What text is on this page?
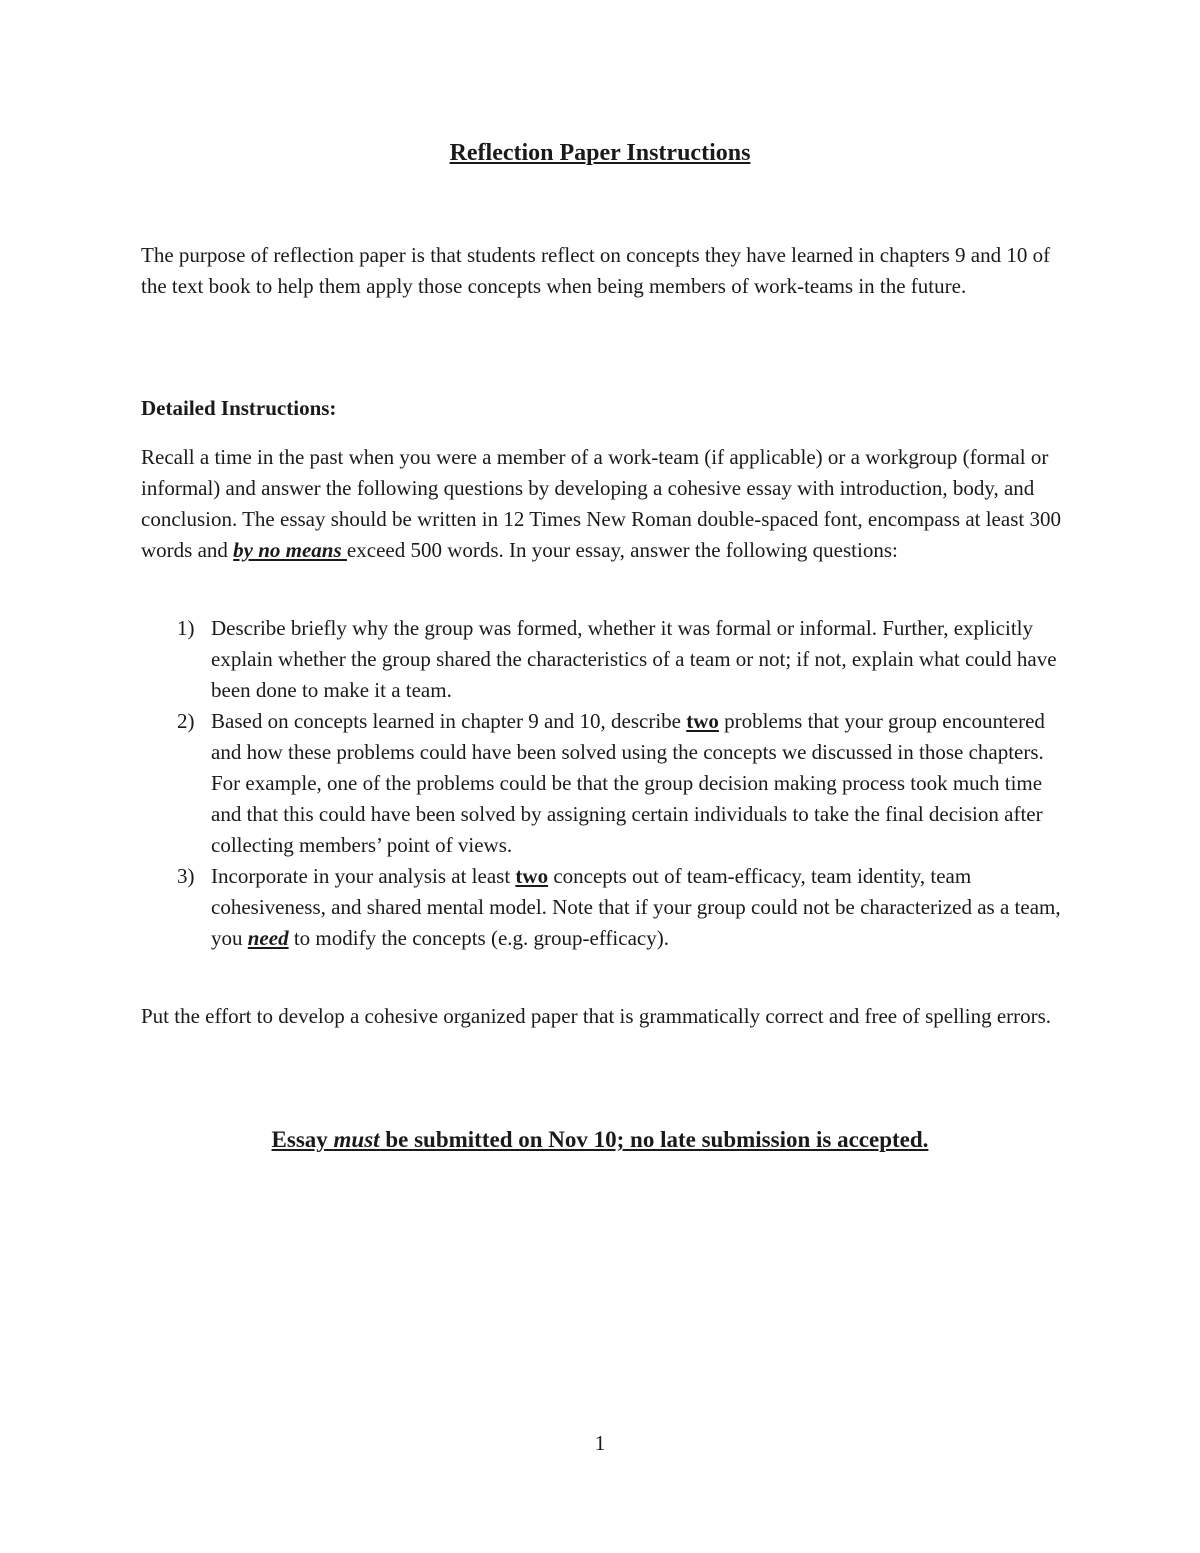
Reflection Paper Instructions

The purpose of reflection paper is that students reflect on concepts they have learned in chapters 9 and 10 of the text book to help them apply those concepts when being members of work-teams in the future.

Detailed Instructions:

Recall a time in the past when you were a member of a work-team (if applicable) or a workgroup (formal or informal) and answer the following questions by developing a cohesive essay with introduction, body, and conclusion. The essay should be written in 12 Times New Roman double-spaced font, encompass at least 300 words and by no means exceed 500 words. In your essay, answer the following questions:

1) Describe briefly why the group was formed, whether it was formal or informal. Further, explicitly explain whether the group shared the characteristics of a team or not; if not, explain what could have been done to make it a team.
2) Based on concepts learned in chapter 9 and 10, describe two problems that your group encountered and how these problems could have been solved using the concepts we discussed in those chapters. For example, one of the problems could be that the group decision making process took much time and that this could have been solved by assigning certain individuals to take the final decision after collecting members’ point of views.
3) Incorporate in your analysis at least two concepts out of team-efficacy, team identity, team cohesiveness, and shared mental model. Note that if your group could not be characterized as a team, you need to modify the concepts (e.g. group-efficacy).

Put the effort to develop a cohesive organized paper that is grammatically correct and free of spelling errors.

Essay must be submitted on Nov 10; no late submission is accepted.
1
